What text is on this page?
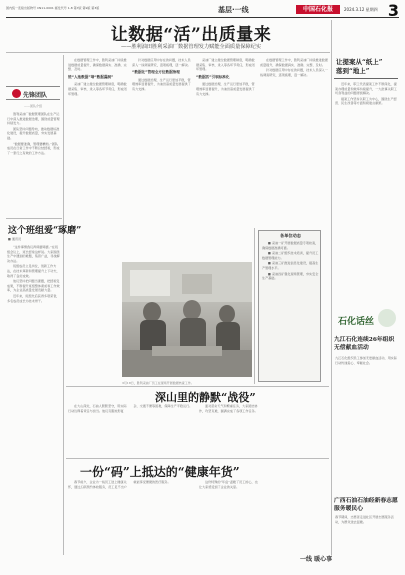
国内统一连续出版物号 CN11-0001 邮发代号 1-8 第7版 第9版 第3版	基层·一线	中国石化报	2024.3.12 星期四 3
让数据“活”出质量来
——胜利油田胜利采油厂数据管理发力赋能全面质量保障纪实
先锋团队
——团队介绍

胜利采油厂数据管理团队在生产运行中深入推进数据治理，围绕质量管理持续发力。

团队坚持问题导向，推动数据标准化建设，提升数据质量，夯实发展基础。

“数据要准确，管理要精细。”团队成员在日常工作中不断总结经验，形成了一套行之有效的工作方法。

这个班组爱“琢磨”
■ 通讯员

“这件事情我们再琢磨琢磨。”在班组会议上，班长经常这样说。大家围绕生产中遇到的难题，集思广益，寻找解决办法。

班组成员立足岗位，创新工作方法，在技术革新和管理提升上下功夫，取得了良好成效。

他们坚持把问题当课题，把经验变成果，不断提升班组整体素质和工作效率，为企业高质量发展贡献力量。

近年来，班组先后获得多项荣誉，多名成员成长为技术骨干。

在数据管理工作中，胜利采油厂持续推进数据质量提升，确保数据真实、准确、完整、及时。

统“入池数据”堵“数据漏洞”

采油厂建立健全数据管理制度，明确数据采集、审核、录入等各环节责任，形成闭环管理。

针对数据应用中存在的问题，技术人员深入一线调查研究，逐项梳理，逐一解决。

“数据化”管理全方位数据治理

通过数据治理，生产运行更加平稳，管理效率显著提升，为油田高质量发展提供了有力支撑。

采油厂建立健全数据管理制度，明确数据采集、审核、录入等各环节责任，形成闭环管理。

“数据活”引领标准化

通过数据治理，生产运行更加平稳，管理效率显著提升，为油田高质量发展提供了有力支撑。

在数据管理工作中，胜利采油厂持续推进数据质量提升，确保数据真实、准确、完整、及时。

针对数据应用中存在的问题，技术人员深入一线调查研究，逐项梳理，逐一解决。

3月18日，胜利采油厂员工在现场开展数据核查工作。
各单位动态

■ 采油一矿开展数据质量专项检查，确保数据准确可靠。

■ 采油二矿组织技术培训，提升员工数据管理能力。

■ 采油三矿推进信息化建设，提高生产管理水平。

■ 采油四矿强化现场管理，夯实安全生产基础。

深山里的静默“战役”

在大山深处，石油人默默坚守，用实际行动诠释着责任与担当。他们克服地形复杂、交通不便等困难，保障生产平稳运行。	面对恶劣天气和繁重任务，大家团结协作，攻坚克难，圆满完成了各项工作任务。

一份“码”上抵达的“健康年货”

春节前夕，企业为一线员工送上健康关怀，通过扫码预约体检服务，员工足不出户就能享受便捷的医疗服务。	这份特殊的“年货”温暖了员工的心，也让大家感受到了企业的关爱。

让提案从“纸上”
落到“地上”

近年来，职工代表提案工作不断深化，提案办理质量和效率持续提升，一大批事关职工切身利益的问题得到解决。

提案工作坚持以职工为中心，围绕生产经营、民生改善等方面积极建言献策。

石化话丝
九江石化连续26年组织无偿献血活动
九江石化组织员工参加无偿献血活动，用实际行动传递爱心、奉献社会。
广西石油石油经新春志愿服务暖民心
春节期间，志愿者走进社区开展志愿服务活动，为群众送去温暖。
一线 暖心事
